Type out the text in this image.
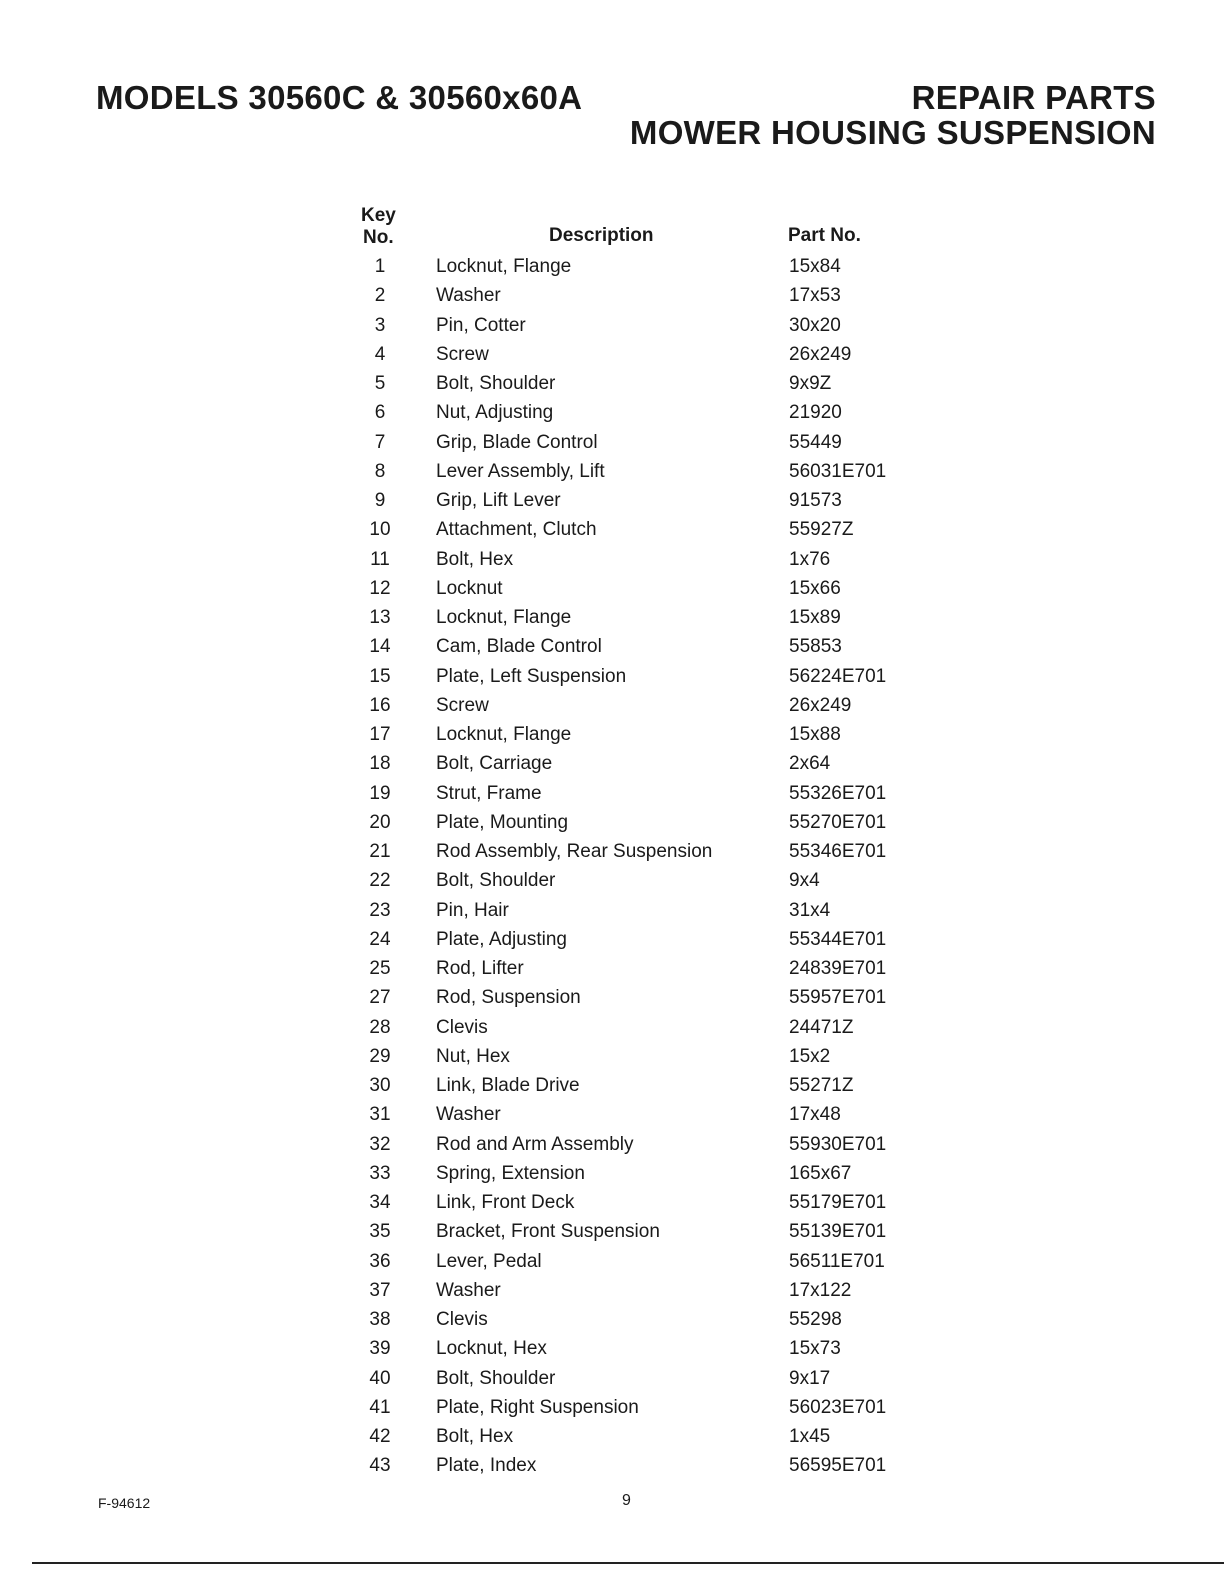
MODELS 30560C & 30560x60A	REPAIR PARTS
MOWER HOUSING SUSPENSION
Key
No.	Description	Part No.
1	Locknut, Flange	15x84
2	Washer	17x53
3	Pin, Cotter	30x20
4	Screw	26x249
5	Bolt, Shoulder	9x9Z
6	Nut, Adjusting	21920
7	Grip, Blade Control	55449
8	Lever Assembly, Lift	56031E701
9	Grip, Lift Lever	91573
10	Attachment, Clutch	55927Z
11	Bolt, Hex	1x76
12	Locknut	15x66
13	Locknut, Flange	15x89
14	Cam, Blade Control	55853
15	Plate, Left Suspension	56224E701
16	Screw	26x249
17	Locknut, Flange	15x88
18	Bolt, Carriage	2x64
19	Strut, Frame	55326E701
20	Plate, Mounting	55270E701
21	Rod Assembly, Rear Suspension	55346E701
22	Bolt, Shoulder	9x4
23	Pin, Hair	31x4
24	Plate, Adjusting	55344E701
25	Rod, Lifter	24839E701
27	Rod, Suspension	55957E701
28	Clevis	24471Z
29	Nut, Hex	15x2
30	Link, Blade Drive	55271Z
31	Washer	17x48
32	Rod and Arm Assembly	55930E701
33	Spring, Extension	165x67
34	Link, Front Deck	55179E701
35	Bracket, Front Suspension	55139E701
36	Lever, Pedal	56511E701
37	Washer	17x122
38	Clevis	55298
39	Locknut, Hex	15x73
40	Bolt, Shoulder	9x17
41	Plate, Right Suspension	56023E701
42	Bolt, Hex	1x45
43	Plate, Index	56595E701
F-94612	9
